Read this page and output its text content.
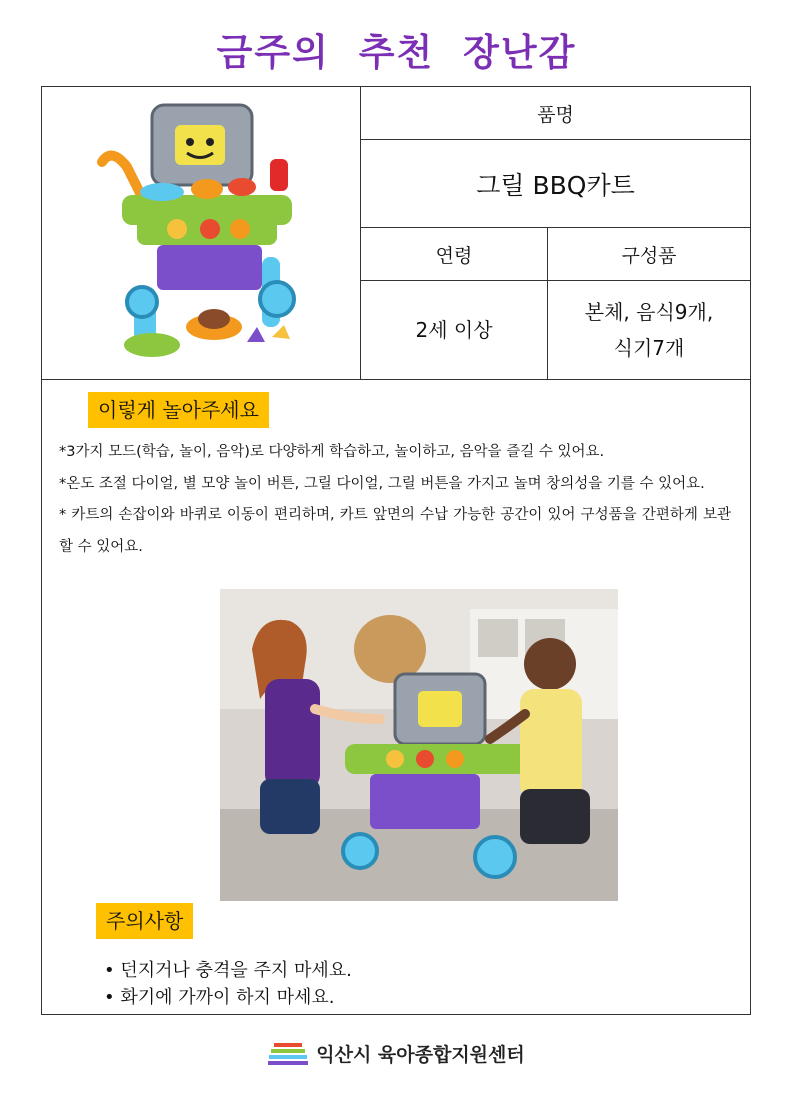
금주의 추천 장난감
품명
그릴 BBQ카트
연령	구성품
2세 이상
본체, 음식9개,
식기7개
이렇게 놀아주세요

*3가지 모드(학습, 놀이, 음악)로 다양하게 학습하고, 놀이하고, 음악을 즐길 수 있어요.

*온도 조절 다이얼, 별 모양 놀이 버튼, 그릴 다이얼, 그릴 버튼을 가지고 놀며 창의성을 기를 수 있어요.

* 카트의 손잡이와 바퀴로 이동이 편리하며, 카트 앞면의 수납 가능한 공간이 있어 구성품을 간편하게 보관할 수 있어요.

주의사항
• 던지거나 충격을 주지 마세요.
• 화기에 가까이 하지 마세요.
익산시 육아종합지원센터
